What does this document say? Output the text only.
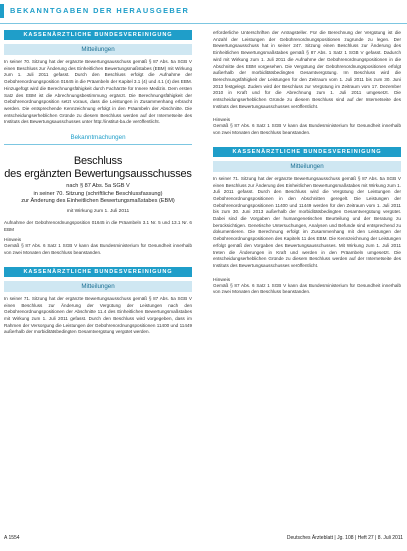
BEKANNTGABEN DER HERAUSGEBER
KASSENÄRZTLICHE BUNDESVEREINIGUNG
Mitteilungen

In seiner 70. Sitzung hat der ergänzte Bewertungsausschuss gemäß § 87 Abs. 5a SGB V einen Beschluss zur Änderung des Einheitlichen Bewertungsmaßstabes (EBM) mit Wirkung zum 1. Juli 2011 gefasst. Durch den Beschluss erfolgt die Aufnahme der Gebührenordnungsposition 01645 in die Präambeln der Kapitel 3.1 (4) und 4.1 (4) des EBM. Hinzugefügt wird die Berechnungsfähigkeit durch Fachärzte für Innere Medizin. Dem ersten Satz des EBM ist die Abrechnungsbestimmung ergänzt. Die Berechnungsfähigkeit der Gebührenordnungsposition setzt voraus, dass die Leistungen in Zusammenhang erbracht werden. Die entsprechende Kennzeichnung erfolgt in den Präambeln der Abschnitte. Die entscheidungserheblichen Gründe zu diesem Beschluss werden auf der Internetseite des Instituts des Bewertungsausschusses unter http://institut-ba.de veröffentlicht.

Bekanntmachungen
Beschluss
des ergänzten Bewertungsausschusses
nach § 87 Abs. 5a SGB V
in seiner 70. Sitzung (schriftliche Beschlussfassung)
zur Änderung des Einheitlichen Bewertungsmaßstabes (EBM)
mit Wirkung zum 1. Juli 2011

Aufnahme der Gebührenordnungsposition 01645 in die Präambeln 3.1 Nr. 5 und 13.1 Nr. 6 EBM

Hinweis

Gemäß § 87 Abs. 6 Satz 1 SGB V kann das Bundesministerium für Gesundheit innerhalb von zwei Monaten den Beschluss beanstanden.

KASSENÄRZTLICHE BUNDESVEREINIGUNG
Mitteilungen

In seiner 71. Sitzung hat der ergänzte Bewertungsausschuss gemäß § 87 Abs. 5a SGB V einen Beschluss zur Änderung der Vergütung der Leistungen nach den Gebührenordnungspositionen der Abschnitte 11.4 des Einheitlichen Bewertungsmaßstabes mit Wirkung zum 1. Juli 2011 gefasst. Durch den Beschluss wird vorgegeben, dass im Rahmen der Versorgung die Leistungen der Gebührenordnungspositionen 11400 und 11449 außerhalb der morbiditätsbedingten Gesamtvergütung vergütet werden.

erforderliche Unterschriften der Antragsteller. Für die Berechnung der Vergütung ist die Anzahl der Leistungen der Gebührenordnungspositionen zugrunde zu legen. Der Bewertungsausschuss hat in seiner 247. Sitzung einen Beschluss zur Änderung des Einheitlichen Bewertungsmaßstabes gemäß § 87 Abs. 1 Satz 1 SGB V gefasst. Dadurch wird mit Wirkung zum 1. Juli 2011 die Aufnahme der Gebührenordnungspositionen in die Abschnitte des EBM vorgesehen. Die Vergütung der Gebührenordnungspositionen erfolgt außerhalb der morbiditätsbedingten Gesamtvergütung. Im Beschluss wird die Berechnungsfähigkeit der Leistungen für den Zeitraum vom 1. Juli 2011 bis zum 30. Juni 2013 festgelegt. Zudem wird der Beschluss zur Vergütung im Zeitraum vom 17. Dezember 2010 in Kraft und für die Abrechnung zum 1. Juli 2011 umgesetzt. Die entscheidungserheblichen Gründe zu diesem Beschluss sind auf der Internetseite des Instituts des Bewertungsausschusses veröffentlicht.

Hinweis

Gemäß § 87 Abs. 6 Satz 1 SGB V kann das Bundesministerium für Gesundheit innerhalb von zwei Monaten den Beschluss beanstanden.

KASSENÄRZTLICHE BUNDESVEREINIGUNG
Mitteilungen

In seiner 71. Sitzung hat der ergänzte Bewertungsausschuss gemäß § 87 Abs. 5a SGB V einen Beschluss zur Änderung des Einheitlichen Bewertungsmaßstabes mit Wirkung zum 1. Juli 2011 gefasst. Durch den Beschluss wird die Vergütung der Leistungen der Gebührenordnungspositionen in den Abschnitten geregelt. Die Leistungen der Gebührenordnungspositionen 11400 und 11449 werden für den Zeitraum vom 1. Juli 2011 bis zum 30. Juni 2013 außerhalb der morbiditätsbedingten Gesamtvergütung vergütet. Dabei sind die Vorgaben der humangenetischen Beurteilung und der Beratung zu berücksichtigen. Genetische Untersuchungen, Analysen und Befunde sind entsprechend zu dokumentieren. Die Berechnung erfolgt im Zusammenhang mit den Leistungen der Gebührenordnungspositionen des Kapitels 11 des EBM. Die Kennzeichnung der Leistungen erfolgt gemäß den Vorgaben des Bewertungsausschusses. Mit Wirkung zum 1. Juli 2011 treten die Änderungen in Kraft und werden in den Präambeln umgesetzt. Die entscheidungserheblichen Gründe zu diesem Beschluss werden auf der Internetseite des Instituts des Bewertungsausschusses veröffentlicht.

Hinweis

Gemäß § 87 Abs. 6 Satz 1 SGB V kann das Bundesministerium für Gesundheit innerhalb von zwei Monaten den Beschluss beanstanden.

A 1554	Deutsches Ärzteblatt | Jg. 108 | Heft 27 | 8. Juli 2011
